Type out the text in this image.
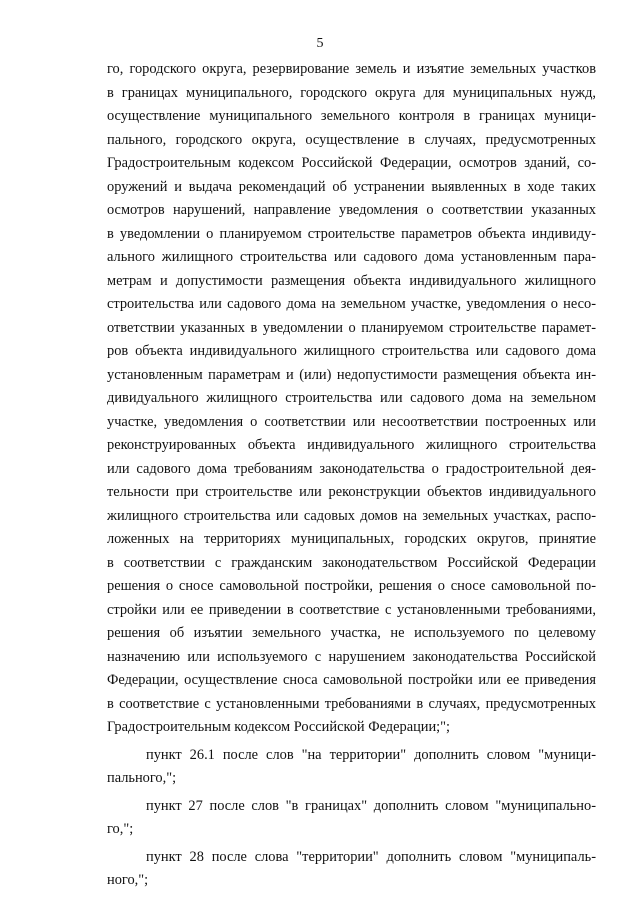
5
го, городского округа, резервирование земель и изъятие земельных участков
в границах муниципального, городского округа для муниципальных нужд,
осуществление муниципального земельного контроля в границах муници-
пального, городского округа, осуществление в случаях, предусмотренных
Градостроительным кодексом Российской Федерации, осмотров зданий, со-
оружений и выдача рекомендаций об устранении выявленных в ходе таких
осмотров нарушений, направление уведомления о соответствии указанных
в уведомлении о планируемом строительстве параметров объекта индивиду-
ального жилищного строительства или садового дома установленным пара-
метрам и допустимости размещения объекта индивидуального жилищного
строительства или садового дома на земельном участке, уведомления о несо-
ответствии указанных в уведомлении о планируемом строительстве парамет-
ров объекта индивидуального жилищного строительства или садового дома
установленным параметрам и (или) недопустимости размещения объекта ин-
дивидуального жилищного строительства или садового дома на земельном
участке, уведомления о соответствии или несоответствии построенных или
реконструированных объекта индивидуального жилищного строительства
или садового дома требованиям законодательства о градостроительной дея-
тельности при строительстве или реконструкции объектов индивидуального
жилищного строительства или садовых домов на земельных участках, распо-
ложенных на территориях муниципальных, городских округов, принятие
в соответствии с гражданским законодательством Российской Федерации
решения о сносе самовольной постройки, решения о сносе самовольной по-
стройки или ее приведении в соответствие с установленными требованиями,
решения об изъятии земельного участка, не используемого по целевому
назначению или используемого с нарушением законодательства Российской
Федерации, осуществление сноса самовольной постройки или ее приведения
в соответствие с установленными требованиями в случаях, предусмотренных
Градостроительным кодексом Российской Федерации;";
пункт 26.1 после слов "на территории" дополнить словом "муници-
пального,";
пункт 27 после слов "в границах" дополнить словом "муниципально-
го,";
пункт 28 после слова "территории" дополнить словом "муниципаль-
ного,";
